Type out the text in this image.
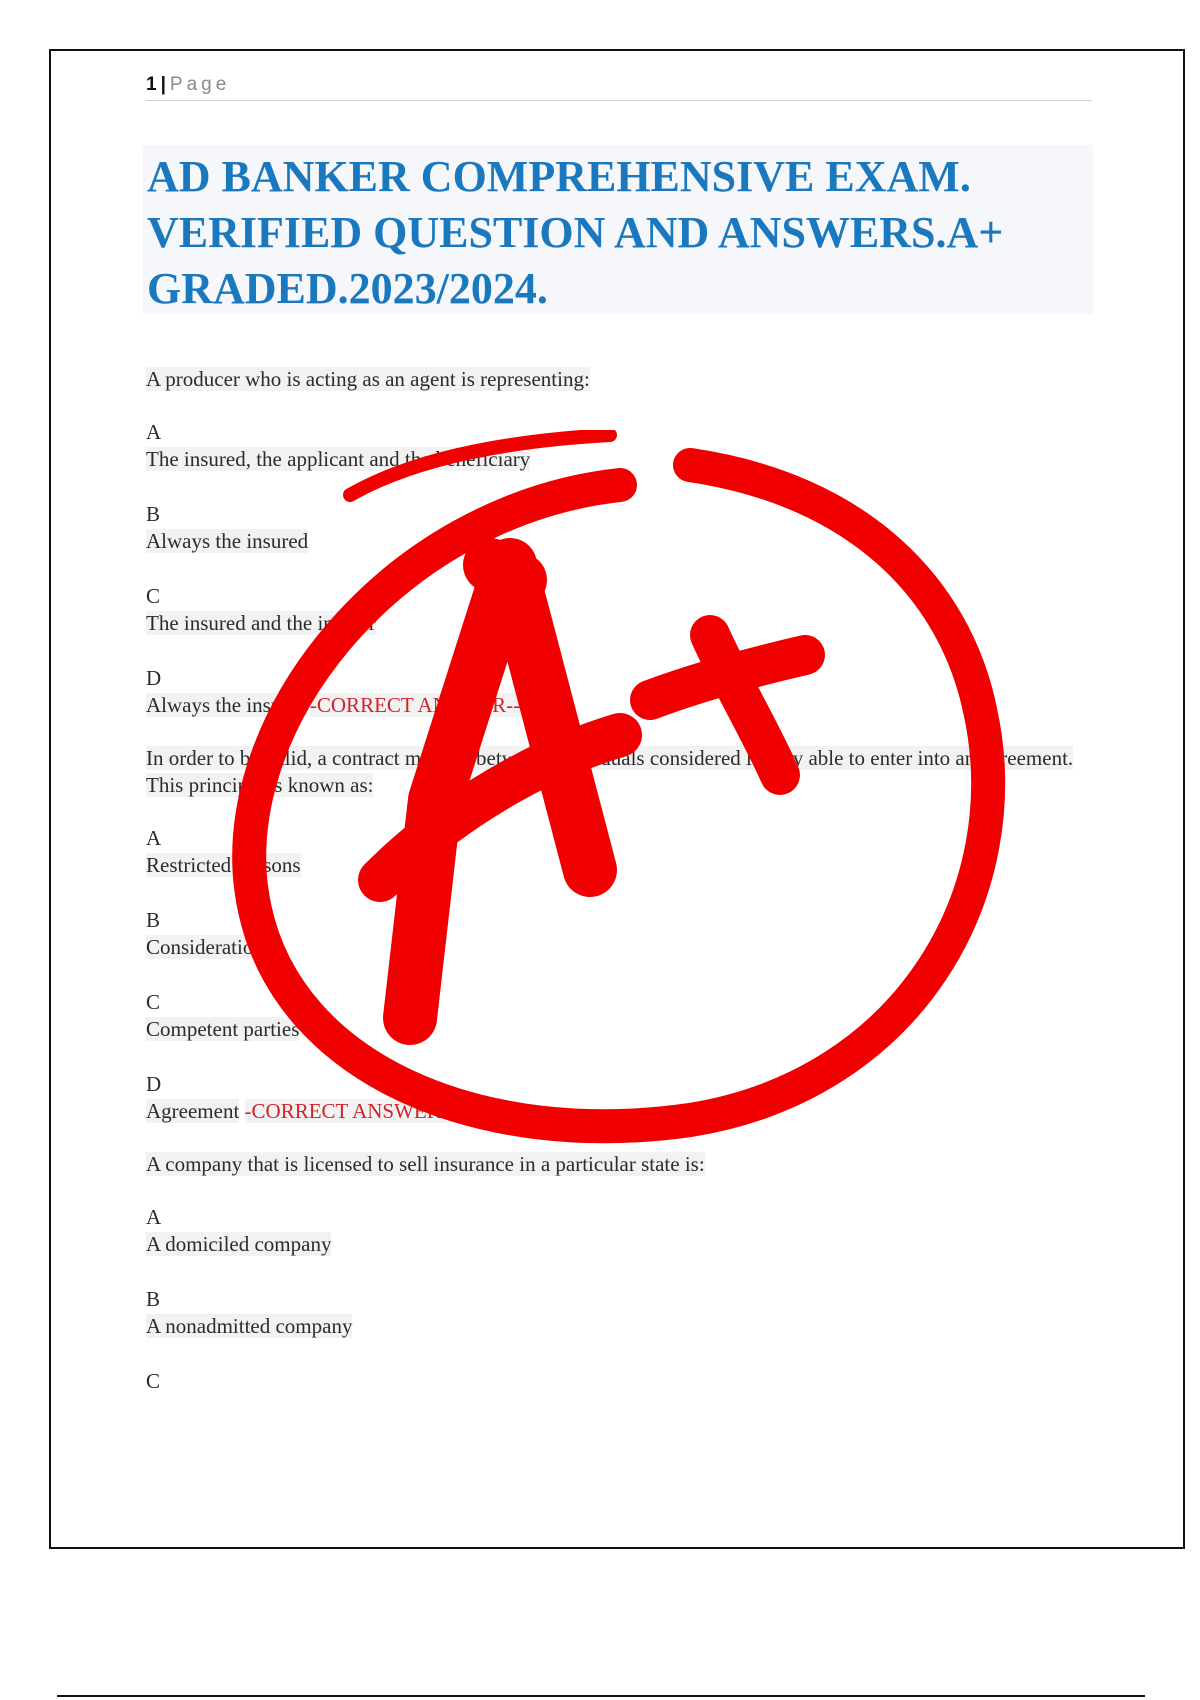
1 | Page
AD BANKER COMPREHENSIVE EXAM. VERIFIED QUESTION AND ANSWERS.A+ GRADED.2023/2024.

A producer who is acting as an agent is representing:

A
The insured, the applicant and the beneficiary
B
Always the insured
C
The insured and the insurer
D
Always the insurer -CORRECT ANSWER--D

In order to be valid, a contract must be between individuals considered legally able to enter into an agreement. This principle is known as:

A
Restricted persons
B
Considerations
C
Competent parties
D
Agreement -CORRECT ANSWER--C

A company that is licensed to sell insurance in a particular state is:

A
A domiciled company
B
A nonadmitted company
C
